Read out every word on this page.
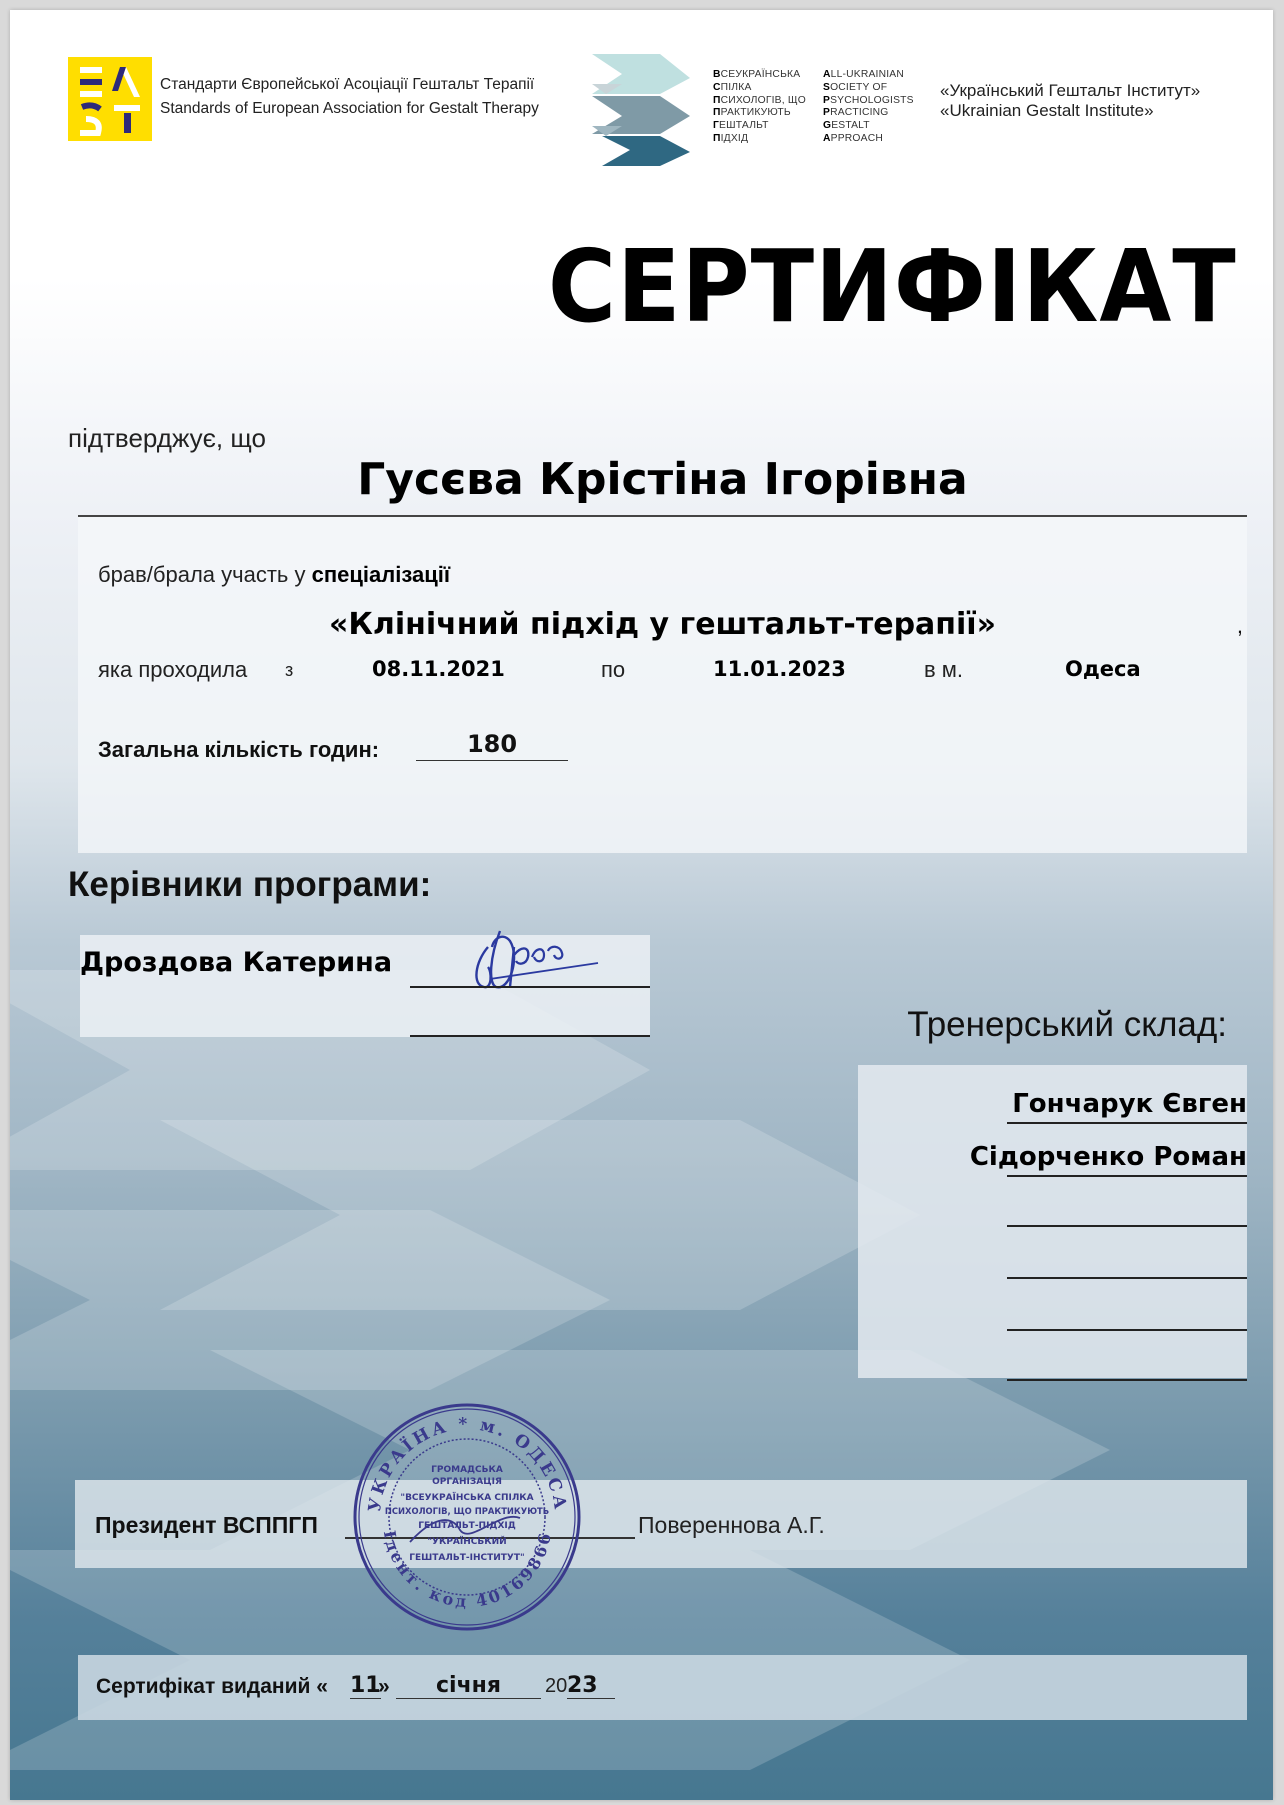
Стандарти Європейської Асоціації Гештальт Терапії
Standards of European Association for Gestalt Therapy
ВСЕУКРАЇНСЬКА
СПІЛКА
ПСИХОЛОГІВ, ЩО
ПРАКТИКУЮТЬ
ГЕШТАЛЬТ
ПІДХІД
ALL-UKRAINIAN
SOCIETY OF
PSYCHOLOGISTS
PRACTICING
GESTALT
APPROACH
«Український Гештальт Інститут»
«Ukrainian Gestalt Institute»
СЕРТИФІКАТ
підтверджує, що
Гусєва Крістіна Ігорівна
брав/брала участь у спеціалізації
«Клінічний підхід у гештальт-терапії»	,
яка проходила з	08.11.2021	по	11.01.2023	в м.	Одеса
Загальна кількість годин:	180
Керівники програми:
Дроздова Катерина
Тренерський склад:
Гончарук Євген
Сідорченко Роман
Президент ВСППГП	Повереннова А.Г.
УКРАЇНА * м. ОДЕСА
Ідент. код 40169866
ГРОМАДСЬКА
ОРГАНІЗАЦІЯ
"ВСЕУКРАЇНСЬКА СПІЛКА
ПСИХОЛОГІВ, ЩО ПРАКТИКУЮТЬ
ГЕШТАЛЬТ-ПІДХІД
"УКРАЇНСЬКИЙ
ГЕШТАЛЬТ-ІНСТИТУТ"
Сертифікат виданий « 11
»	січня	20 23
